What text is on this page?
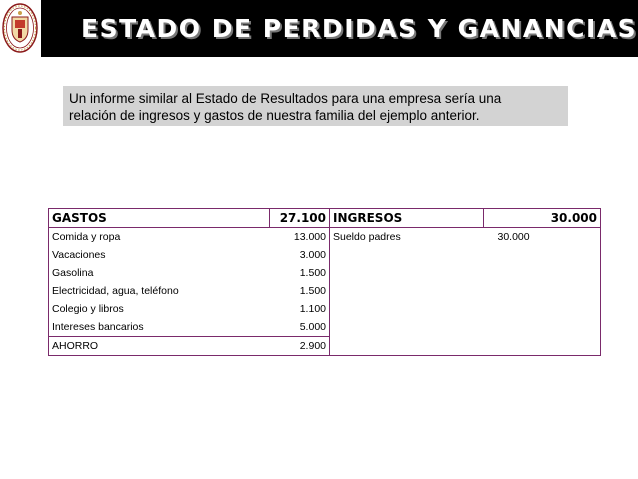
ESTADO DE PERDIDAS Y GANANCIAS
Un informe similar al Estado de Resultados para una empresa sería una
relación de ingresos y gastos de nuestra familia del ejemplo anterior.
GASTOS	27.100	INGRESOS	30.000
Comida y ropa	13.000	Sueldo padres	30.000
Vacaciones	3.000		
Gasolina	1.500		
Electricidad, agua, teléfono	1.500		
Colegio y libros	1.100		
Intereses bancarios	5.000		
AHORRO	2.900		
